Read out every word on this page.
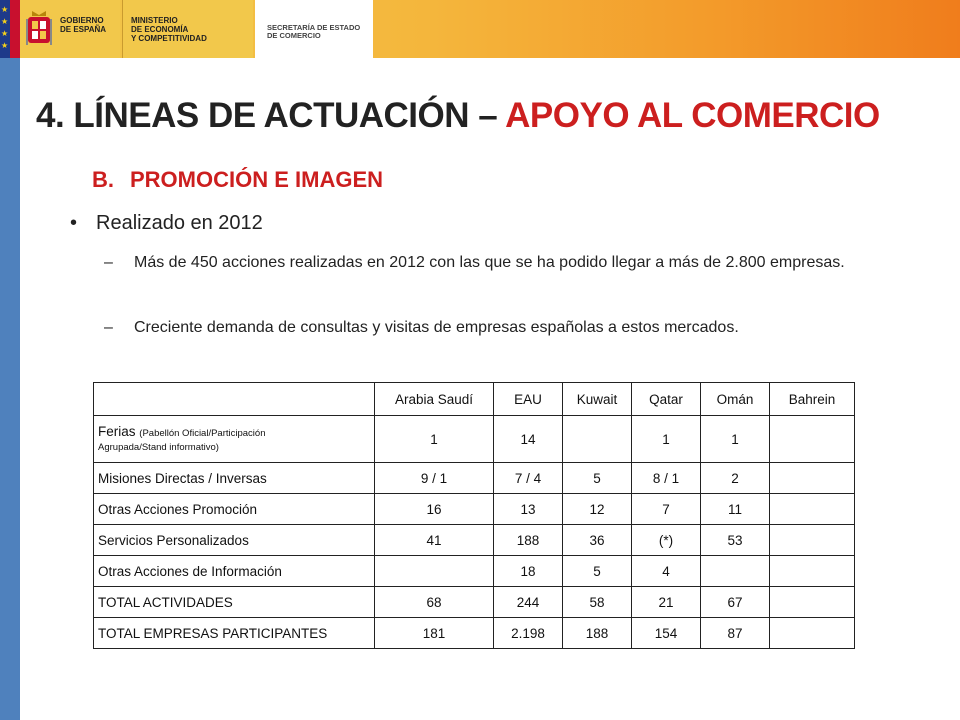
★
★
★
★
GOBIERNO
DE ESPAÑA
MINISTERIO
DE ECONOMÍA
Y COMPETITIVIDAD
SECRETARÍA DE ESTADO
DE COMERCIO
4. LÍNEAS DE ACTUACIÓN – APOYO AL COMERCIO
B. PROMOCIÓN E IMAGEN
• Realizado en 2012
– Más de 450 acciones realizadas en 2012 con las que se ha podido llegar a más de 2.800 empresas.
– Creciente demanda de consultas y visitas de empresas españolas a estos mercados.
	Arabia Saudí	EAU	Kuwait	Qatar	Omán	Bahrein

Ferias (Pabellón Oficial/Participación
Agrupada/Stand informativo)	1	14		1	1	
Misiones Directas / Inversas	9 / 1	7 / 4	5	8 / 1	2	
Otras Acciones Promoción	16	13	12	7	11	
Servicios Personalizados	41	188	36	(*)	53	
Otras Acciones de Información		18	5	4		
TOTAL ACTIVIDADES	68	244	58	21	67	
TOTAL EMPRESAS PARTICIPANTES	181	2.198	188	154	87	
